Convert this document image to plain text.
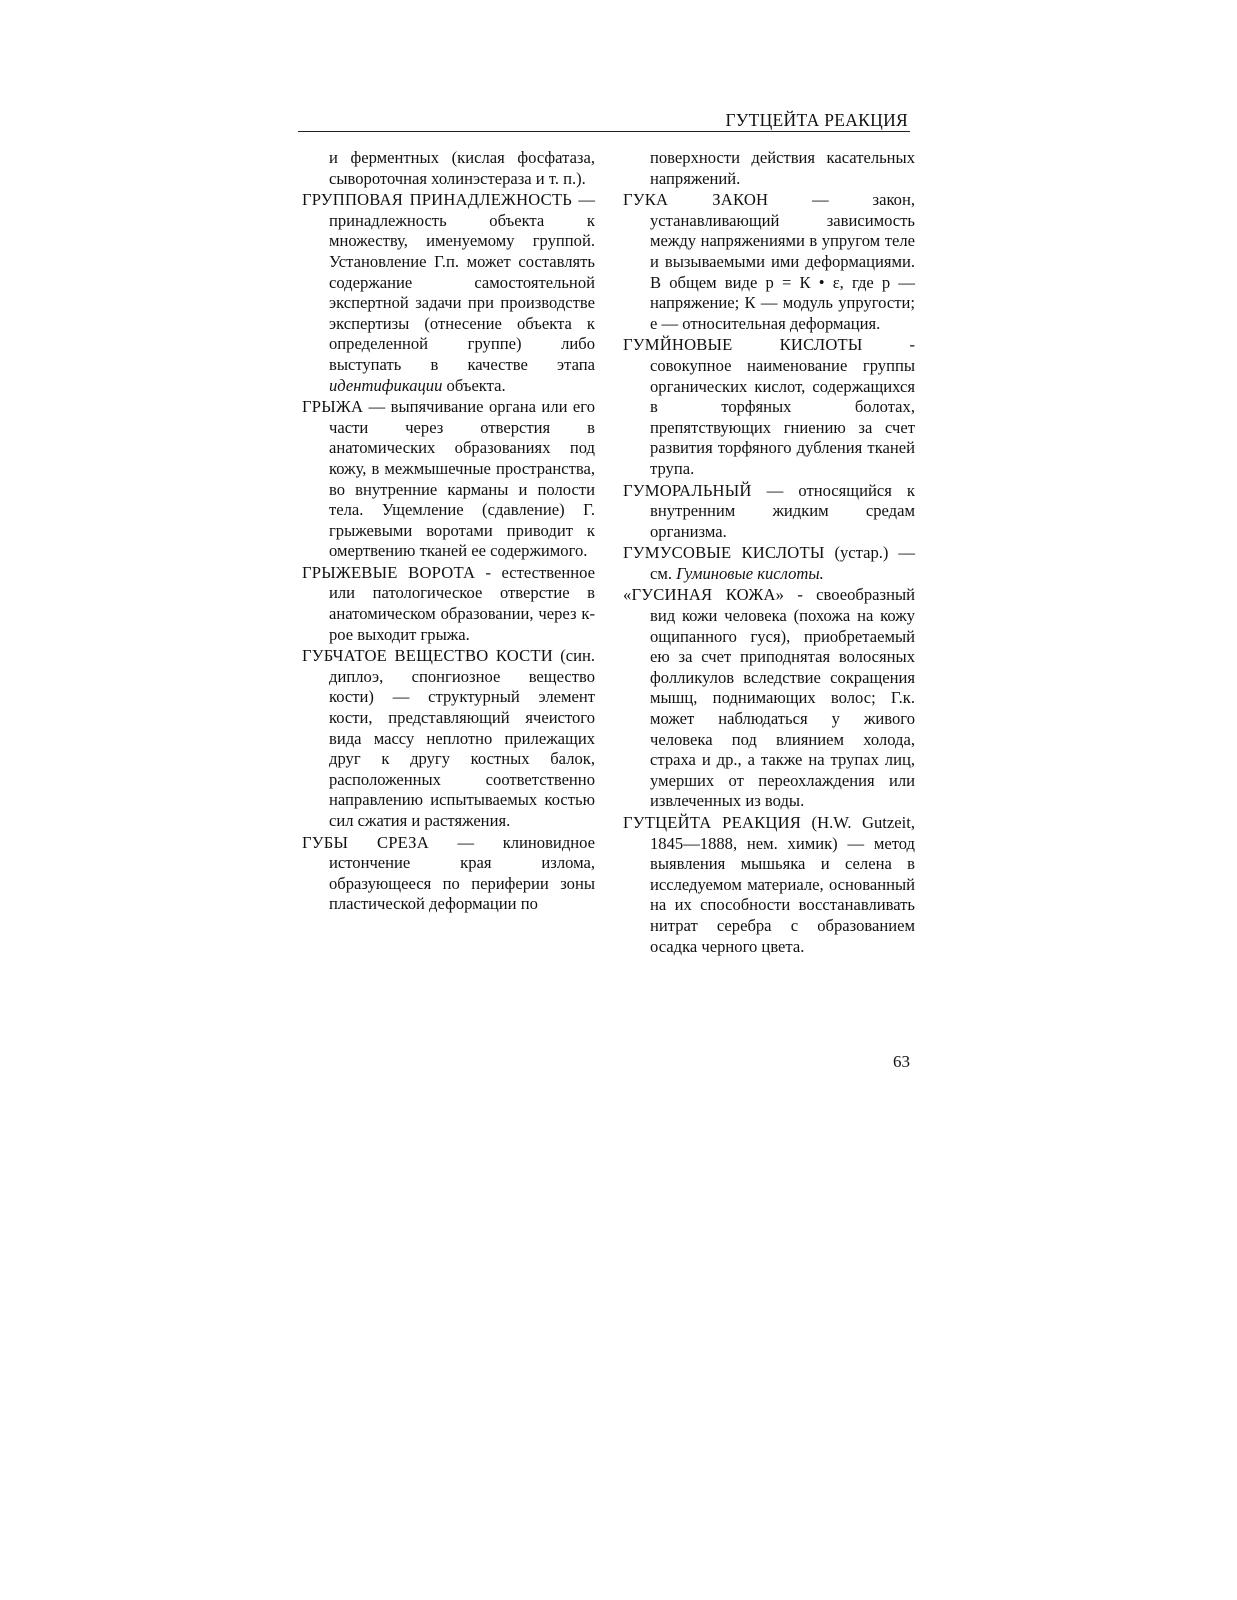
ГУТЦЕЙТА РЕАКЦИЯ

и ферментных (кислая фосфатаза, сывороточная холинэстераза и т. п.).

ГРУППОВАЯ ПРИНАДЛЕЖНОСТЬ — принадлежность объекта к множеству, именуемому группой. Установление Г.п. может составлять содержание самостоятельной экспертной задачи при производстве экспертизы (отнесение объекта к определенной группе) либо выступать в качестве этапа идентификации объекта.

ГРЫЖА — выпячивание органа или его части через отверстия в анатомических образованиях под кожу, в межмышечные пространства, во внутренние карманы и полости тела. Ущемление (сдавление) Г. грыжевыми воротами приводит к омертвению тканей ее содержимого.

ГРЫЖЕВЫЕ ВОРОТА - естественное или патологическое отверстие в анатомическом образовании, через к-рое выходит грыжа.

ГУБЧАТОЕ ВЕЩЕСТВО КОСТИ (син. диплоэ, спонгиозное вещество кости) — структурный элемент кости, представляющий ячеистого вида массу неплотно прилежащих друг к другу костных балок, расположенных соответственно направлению испытываемых костью сил сжатия и растяжения.

ГУБЫ СРЕЗА — клиновидное истончение края излома, образующееся по периферии зоны пластической деформации по

поверхности действия касательных напряжений.

ГУКА ЗАКОН — закон, устанавливающий зависимость между напряжениями в упругом теле и вызываемыми ими деформациями. В общем виде р = К • ε, где р — напряжение; К — модуль упругости; е — относительная деформация.

ГУМЙНОВЫЕ КИСЛОТЫ - совокупное наименование группы органических кислот, содержащихся в торфяных болотах, препятствующих гниению за счет развития торфяного дубления тканей трупа.

ГУМОРАЛЬНЫЙ — относящийся к внутренним жидким средам организма.

ГУМУСОВЫЕ КИСЛОТЫ (устар.) — см. Гуминовые кислоты.

«ГУСИНАЯ КОЖА» - своеобразный вид кожи человека (похожа на кожу ощипанного гуся), приобретаемый ею за счет приподнятая волосяных фолликулов вследствие сокращения мышц, поднимающих волос; Г.к. может наблюдаться у живого человека под влиянием холода, страха и др., а также на трупах лиц, умерших от переохлаждения или извлеченных из воды.

ГУТЦЕЙТА РЕАКЦИЯ (H.W. Gutzeit, 1845—1888, нем. химик) — метод выявления мышьяка и селена в исследуемом материале, основанный на их способности восстанавливать нитрат серебра с образованием осадка черного цвета.

63
